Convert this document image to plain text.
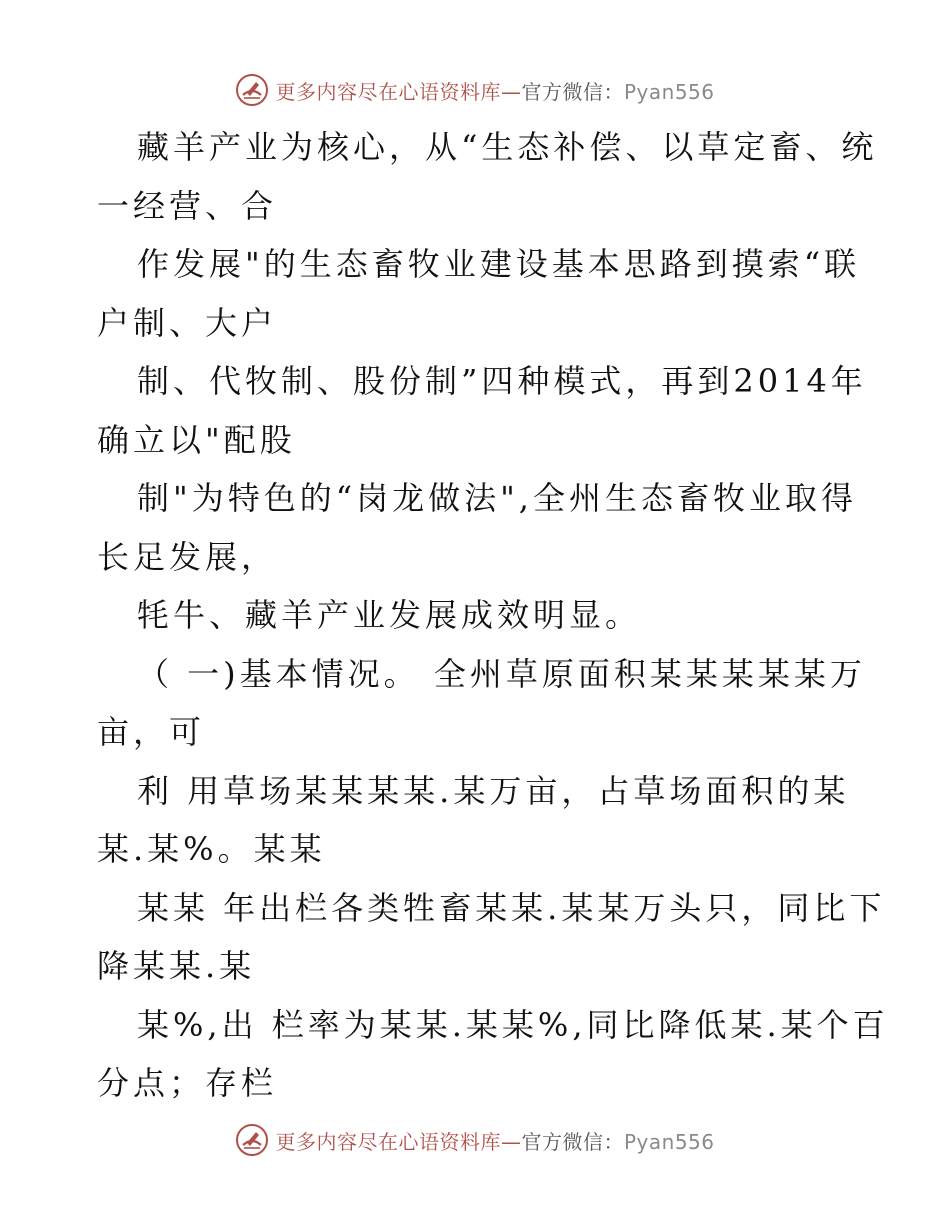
更多内容尽在心语资料库—官方微信：Pyan556
藏羊产业为核心，从“生态补偿、以草定畜、统
一经营、合
作发展"的生态畜牧业建设基本思路到摸索“联
户制、大户
制、代牧制、股份制”四种模式，再到2014年
确立以"配股
制"为特色的“岗龙做法",全州生态畜牧业取得
长足发展，
牦牛、藏羊产业发展成效明显。
（ 一)基本情况。 全州草原面积某某某某某万
亩，可
利 用草场某某某某.某万亩，占草场面积的某
某.某%。某某
某某 年出栏各类牲畜某某.某某万头只，同比下
降某某.某
某%,出 栏率为某某.某某%,同比降低某.某个百
分点；存栏
更多内容尽在心语资料库—官方微信：Pyan556
